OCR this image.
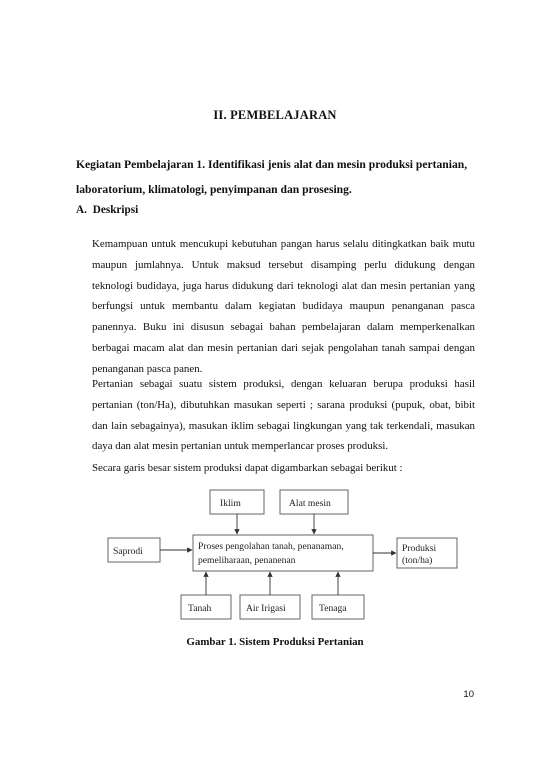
II. PEMBELAJARAN
Kegiatan Pembelajaran 1. Identifikasi jenis alat dan mesin produksi pertanian,
laboratorium, klimatologi, penyimpanan dan prosesing.
A. Deskripsi

Kemampuan untuk mencukupi kebutuhan pangan harus selalu ditingkatkan baik mutu maupun jumlahnya. Untuk maksud tersebut disamping perlu didukung dengan teknologi budidaya, juga harus didukung dari teknologi alat dan mesin pertanian yang berfungsi untuk membantu dalam kegiatan budidaya maupun penanganan pasca panennya. Buku ini disusun sebagai bahan pembelajaran dalam memperkenalkan berbagai macam alat dan mesin pertanian dari sejak pengolahan tanah sampai dengan penanganan pasca panen.

Pertanian sebagai suatu sistem produksi, dengan keluaran berupa produksi hasil pertanian (ton/Ha), dibutuhkan masukan seperti ; sarana produksi (pupuk, obat, bibit dan lain sebagainya), masukan iklim sebagai lingkungan yang tak terkendali, masukan daya dan alat mesin pertanian untuk memperlancar proses produksi.

Secara garis besar sistem produksi dapat digambarkan sebagai berikut :

Iklim	Alat mesin
Saprodi	Proses pengolahan tanah, penanaman,
pemeliharaan, penanenan
Produksi
(ton/ha)
Tanah	Air Irigasi	Tenaga
Gambar 1. Sistem Produksi Pertanian
10
